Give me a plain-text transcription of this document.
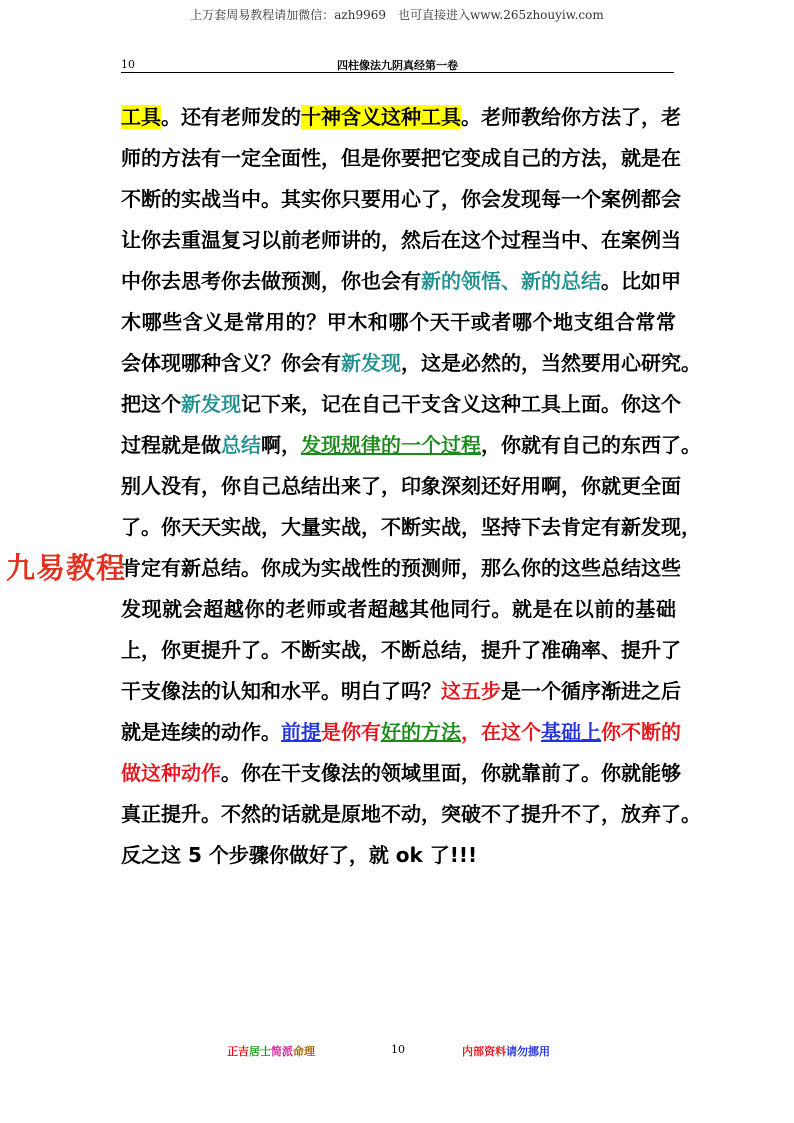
上万套周易教程请加微信：azh9969　也可直接进入www.265zhouyiw.com
10	四柱像法九阴真经第一卷
工具。还有老师发的十神含义这种工具。老师教给你方法了，老
师的方法有一定全面性，但是你要把它变成自己的方法，就是在
不断的实战当中。其实你只要用心了，你会发现每一个案例都会
让你去重温复习以前老师讲的，然后在这个过程当中、在案例当
中你去思考你去做预测，你也会有新的领悟、新的总结。比如甲
木哪些含义是常用的？甲木和哪个天干或者哪个地支组合常常
会体现哪种含义？你会有新发现，这是必然的，当然要用心研究。
把这个新发现记下来，记在自己干支含义这种工具上面。你这个
过程就是做总结啊，发现规律的一个过程，你就有自己的东西了。
别人没有，你自己总结出来了，印象深刻还好用啊，你就更全面
了。你天天实战，大量实战，不断实战，坚持下去肯定有新发现，
肯定有新总结。你成为实战性的预测师，那么你的这些总结这些
发现就会超越你的老师或者超越其他同行。就是在以前的基础
上，你更提升了。不断实战，不断总结，提升了准确率、提升了
干支像法的认知和水平。明白了吗？这五步是一个循序渐进之后
就是连续的动作。前提是你有好的方法，在这个基础上你不断的
做这种动作。你在干支像法的领域里面，你就靠前了。你就能够
真正提升。不然的话就是原地不动，突破不了提升不了，放弃了。
反之这 5 个步骤你做好了，就 ok 了!!!
九易教程
正吉居士简派命理	10	内部资料请勿挪用
